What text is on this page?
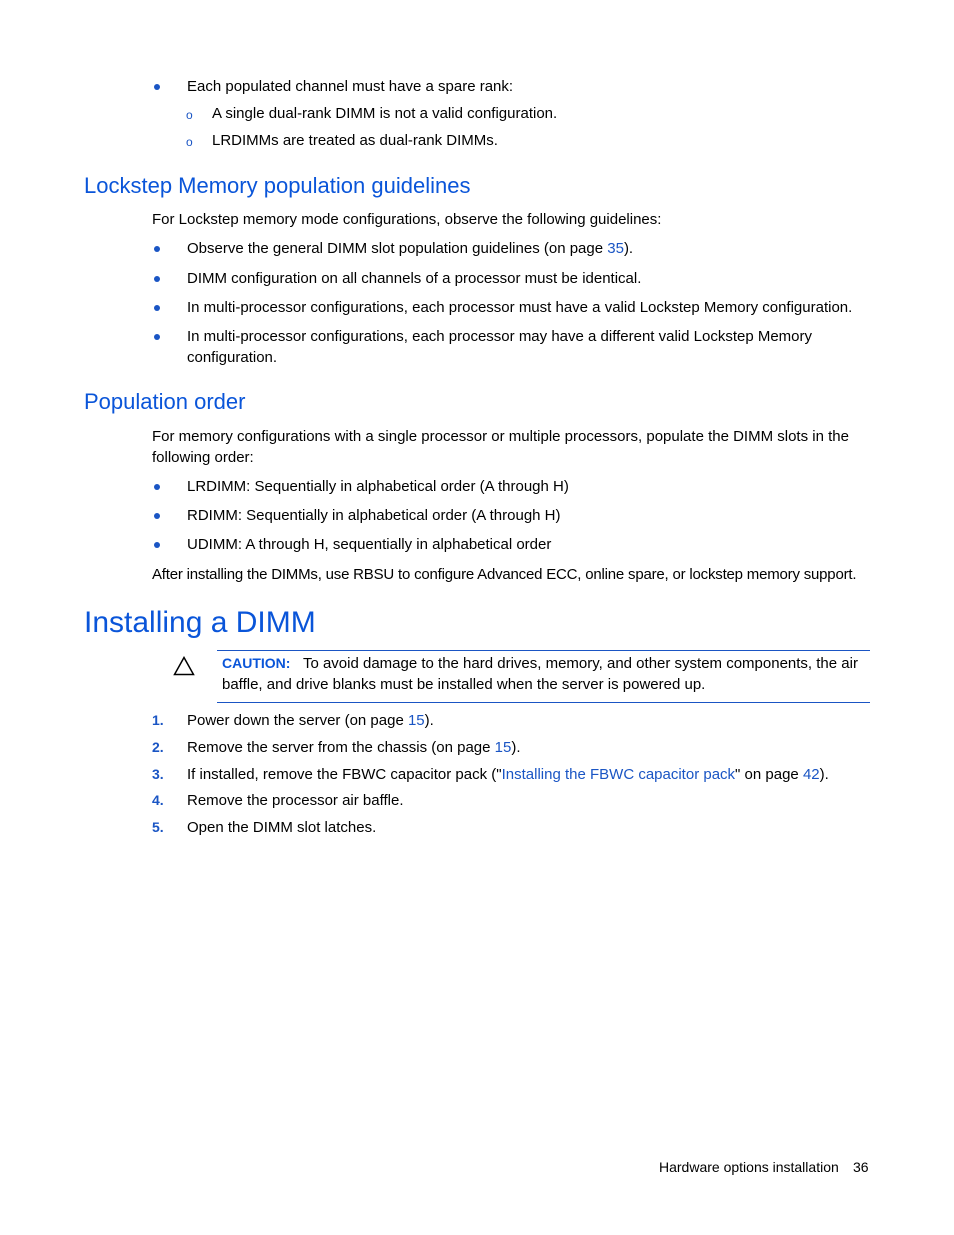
Each populated channel must have a spare rank:
o A single dual-rank DIMM is not a valid configuration.
o LRDIMMs are treated as dual-rank DIMMs.
Lockstep Memory population guidelines
For Lockstep memory mode configurations, observe the following guidelines:
Observe the general DIMM slot population guidelines (on page 35).
DIMM configuration on all channels of a processor must be identical.
In multi-processor configurations, each processor must have a valid Lockstep Memory configuration.
In multi-processor configurations, each processor may have a different valid Lockstep Memory
configuration.
Population order
For memory configurations with a single processor or multiple processors, populate the DIMM slots in the
following order:
LRDIMM: Sequentially in alphabetical order (A through H)
RDIMM: Sequentially in alphabetical order (A through H)
UDIMM: A through H, sequentially in alphabetical order
After installing the DIMMs, use RBSU to configure Advanced ECC, online spare, or lockstep memory support.
Installing a DIMM
CAUTION: To avoid damage to the hard drives, memory, and other system components, the air
baffle, and drive blanks must be installed when the server is powered up.
1. Power down the server (on page 15).
2. Remove the server from the chassis (on page 15).
3. If installed, remove the FBWC capacitor pack ("Installing the FBWC capacitor pack" on page 42).
4. Remove the processor air baffle.
5. Open the DIMM slot latches.
Hardware options installation 36
